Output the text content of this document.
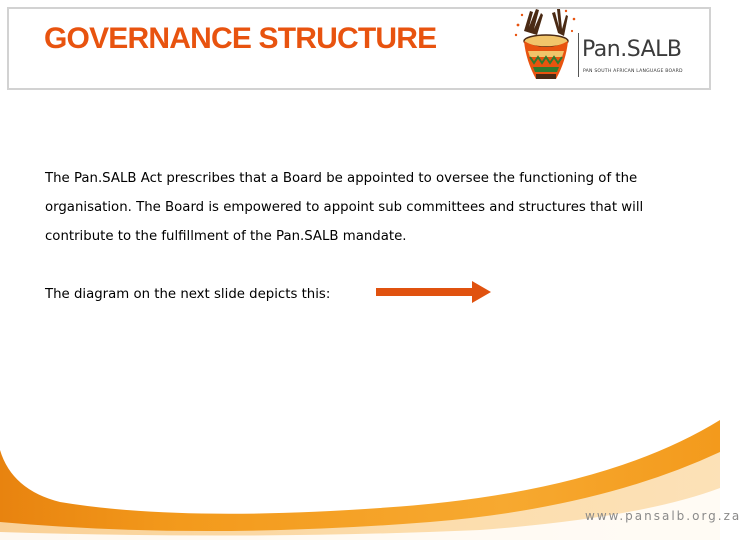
GOVERNANCE STRUCTURE	Pan.SALB
PAN SOUTH AFRICAN LANGUAGE BOARD

The Pan.SALB Act prescribes that a Board be appointed to oversee the functioning of the

organisation. The Board is empowered to appoint sub committees and structures that will

contribute to the fulfillment of the Pan.SALB mandate.

The diagram on the next slide depicts this:

www.pansalb.org.za
